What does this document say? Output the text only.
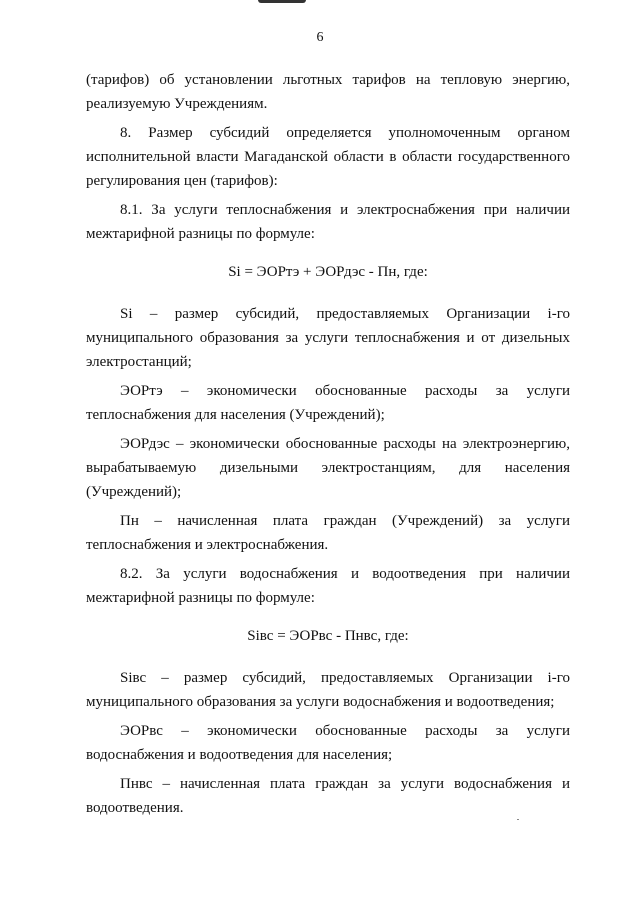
6

(тарифов) об установлении льготных тарифов на тепловую энергию, реализуемую Учреждениям.

8. Размер субсидий определяется уполномоченным органом исполнительной власти Магаданской области в области государственного регулирования цен (тарифов):

8.1. За услуги теплоснабжения и электроснабжения при наличии межтарифной разницы по формуле:

Si = ЭОРтэ + ЭОРдэс - Пн, где:

Si – размер субсидий, предоставляемых Организации i-го муниципального образования за услуги теплоснабжения и от дизельных электростанций;

ЭОРтэ – экономически обоснованные расходы за услуги теплоснабжения для населения (Учреждений);

ЭОРдэс – экономически обоснованные расходы на электроэнергию, вырабатываемую дизельными электростанциям, для населения (Учреждений);

Пн – начисленная плата граждан (Учреждений) за услуги теплоснабжения и электроснабжения.

8.2. За услуги водоснабжения и водоотведения при наличии межтарифной разницы по формуле:

Siвс = ЭОРвс - Пнвс, где:

Siвс – размер субсидий, предоставляемых Организации i-го муниципального образования за услуги водоснабжения и водоотведения;

ЭОРвс – экономически обоснованные расходы за услуги водоснабжения и водоотведения для населения;

Пнвс – начисленная плата граждан за услуги водоснабжения и водоотведения.
